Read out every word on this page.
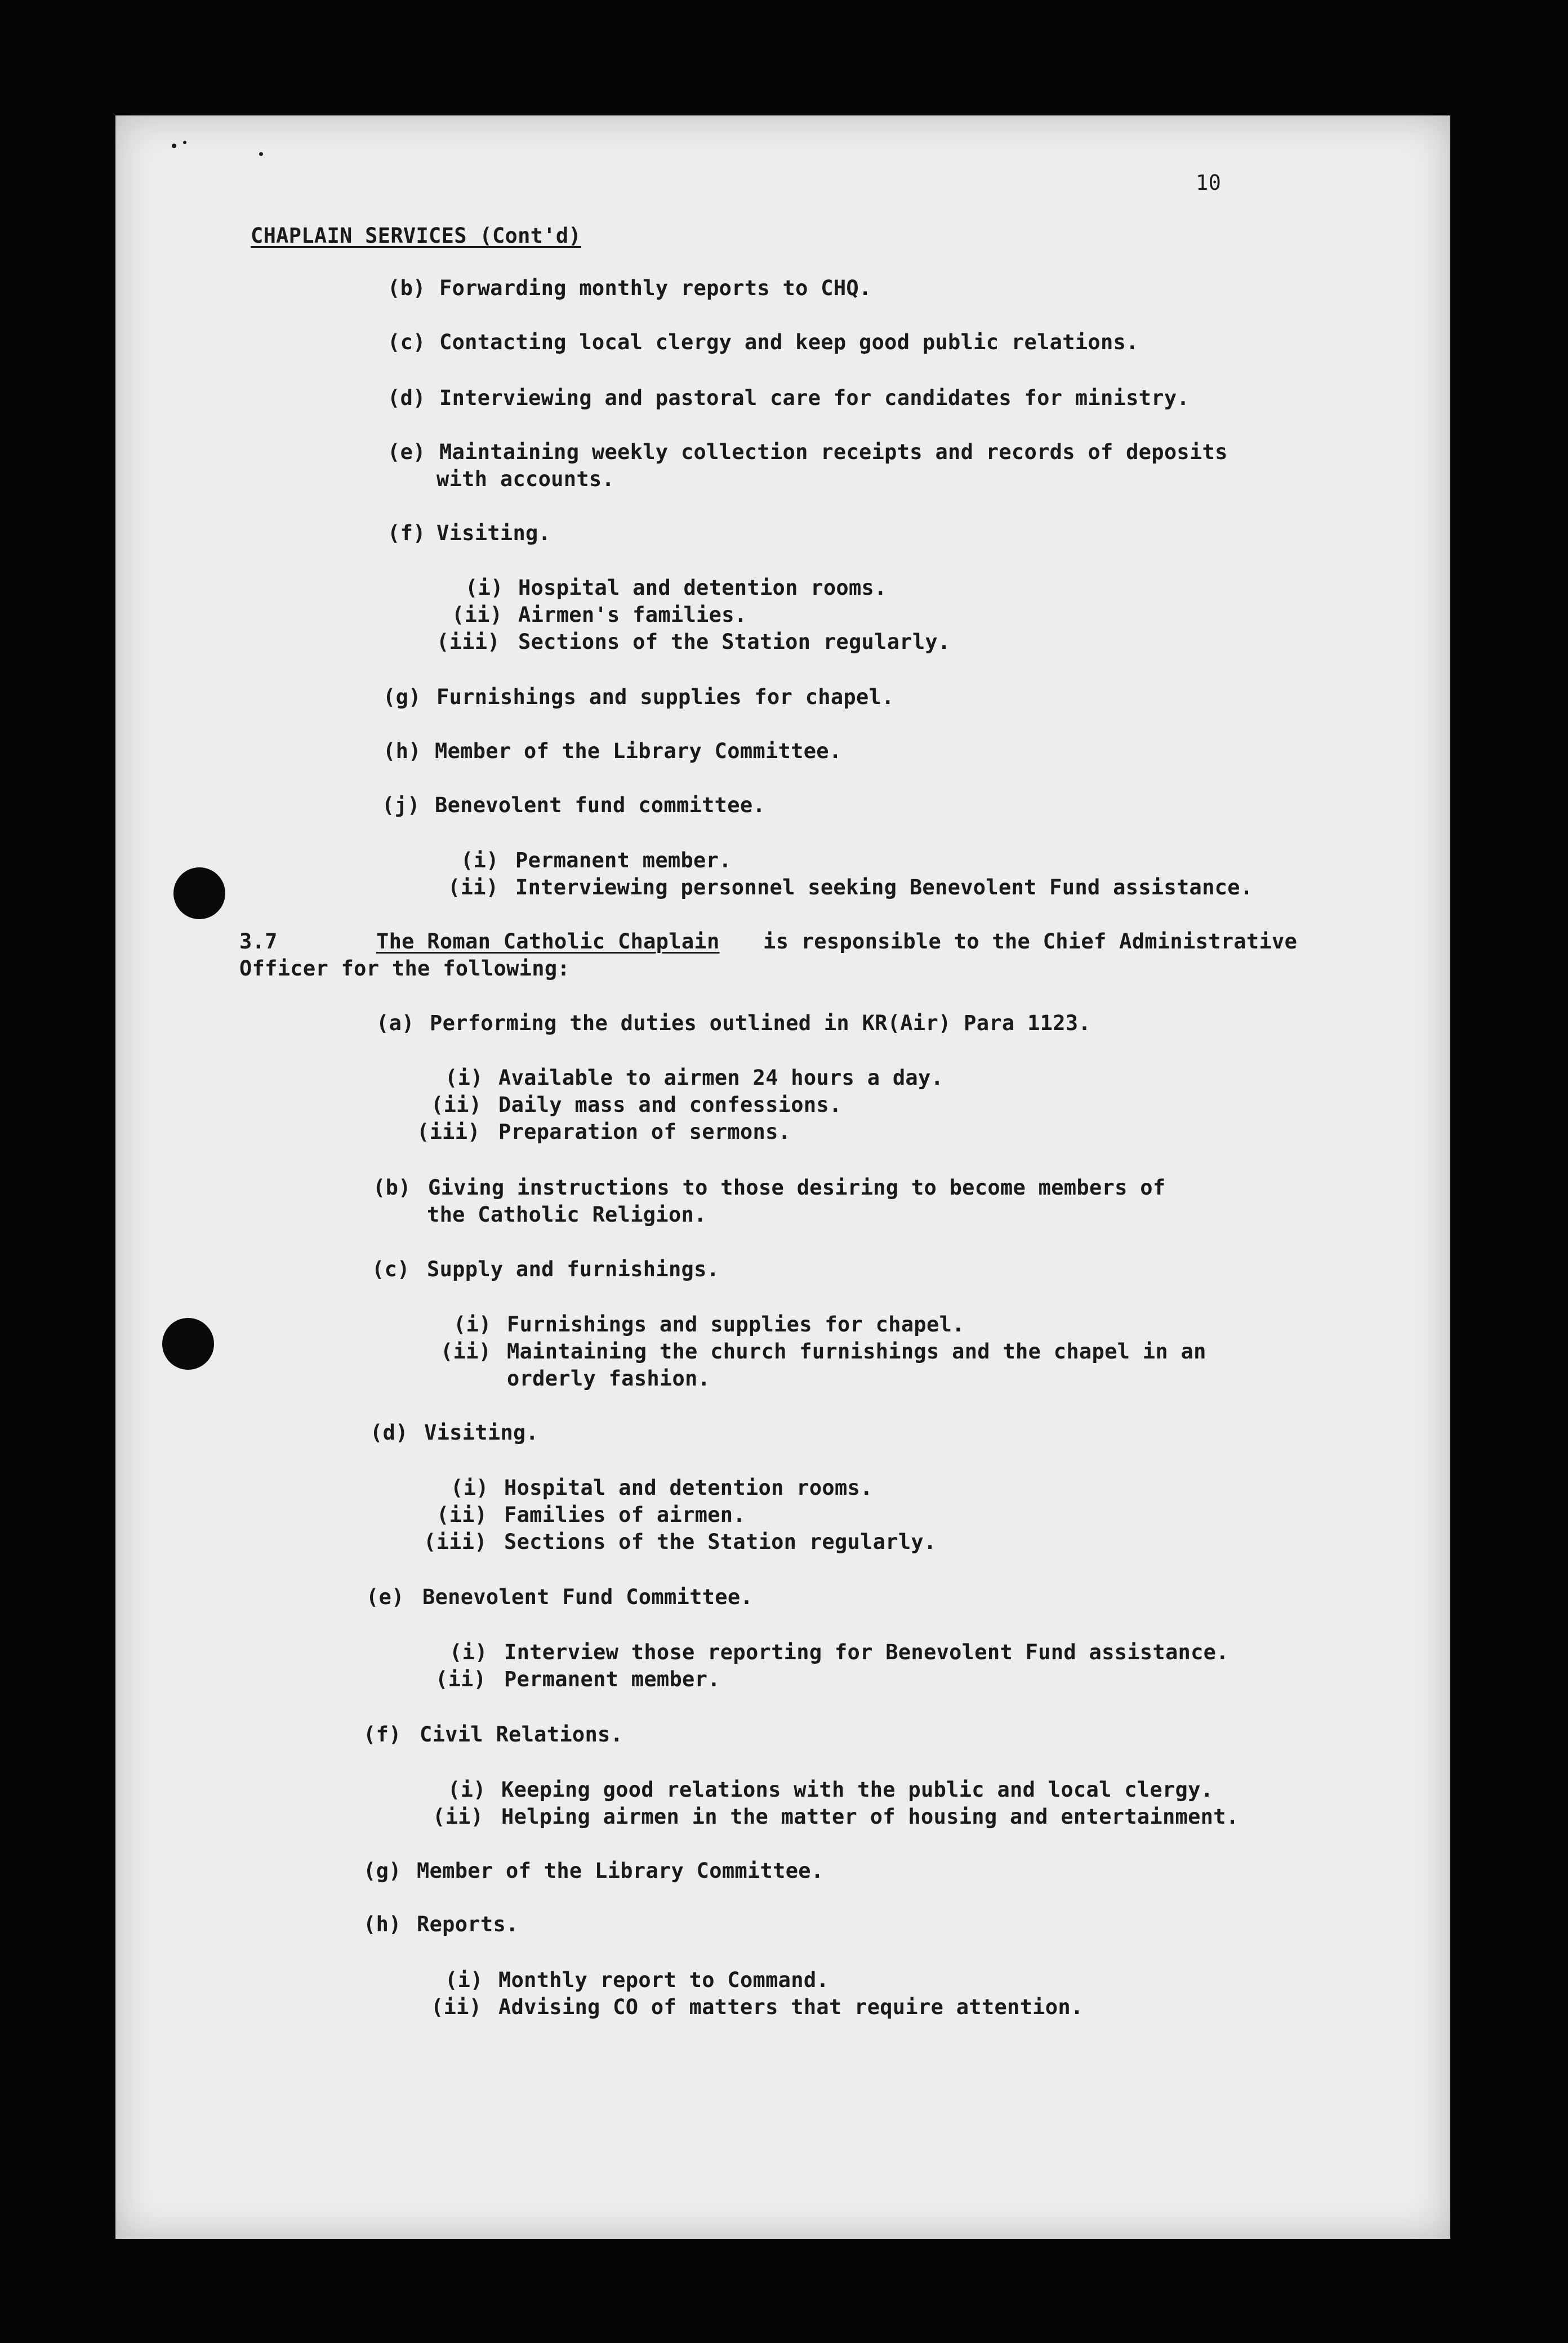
10
CHAPLAIN SERVICES (Cont'd)
(b) Forwarding monthly reports to CHQ.
(c) Contacting local clergy and keep good public relations.
(d) Interviewing and pastoral care for candidates for ministry.
(e) Maintaining weekly collection receipts and records of deposits
with accounts.
(f) Visiting.
(i) Hospital and detention rooms.
(ii) Airmen's families.
(iii) Sections of the Station regularly.
(g) Furnishings and supplies for chapel.
(h) Member of the Library Committee.
(j) Benevolent fund committee.
(i) Permanent member.
(ii) Interviewing personnel seeking Benevolent Fund assistance.
3.7	The Roman Catholic Chaplain is responsible to the Chief Administrative
Officer for the following:
(a) Performing the duties outlined in KR(Air) Para 1123.
(i) Available to airmen 24 hours a day.
(ii) Daily mass and confessions.
(iii) Preparation of sermons.
(b) Giving instructions to those desiring to become members of
the Catholic Religion.
(c) Supply and furnishings.
(i) Furnishings and supplies for chapel.
(ii) Maintaining the church furnishings and the chapel in an
orderly fashion.
(d) Visiting.
(i) Hospital and detention rooms.
(ii) Families of airmen.
(iii) Sections of the Station regularly.
(e) Benevolent Fund Committee.
(i) Interview those reporting for Benevolent Fund assistance.
(ii) Permanent member.
(f) Civil Relations.
(i) Keeping good relations with the public and local clergy.
(ii) Helping airmen in the matter of housing and entertainment.
(g) Member of the Library Committee.
(h) Reports.
(i) Monthly report to Command.
(ii) Advising CO of matters that require attention.
